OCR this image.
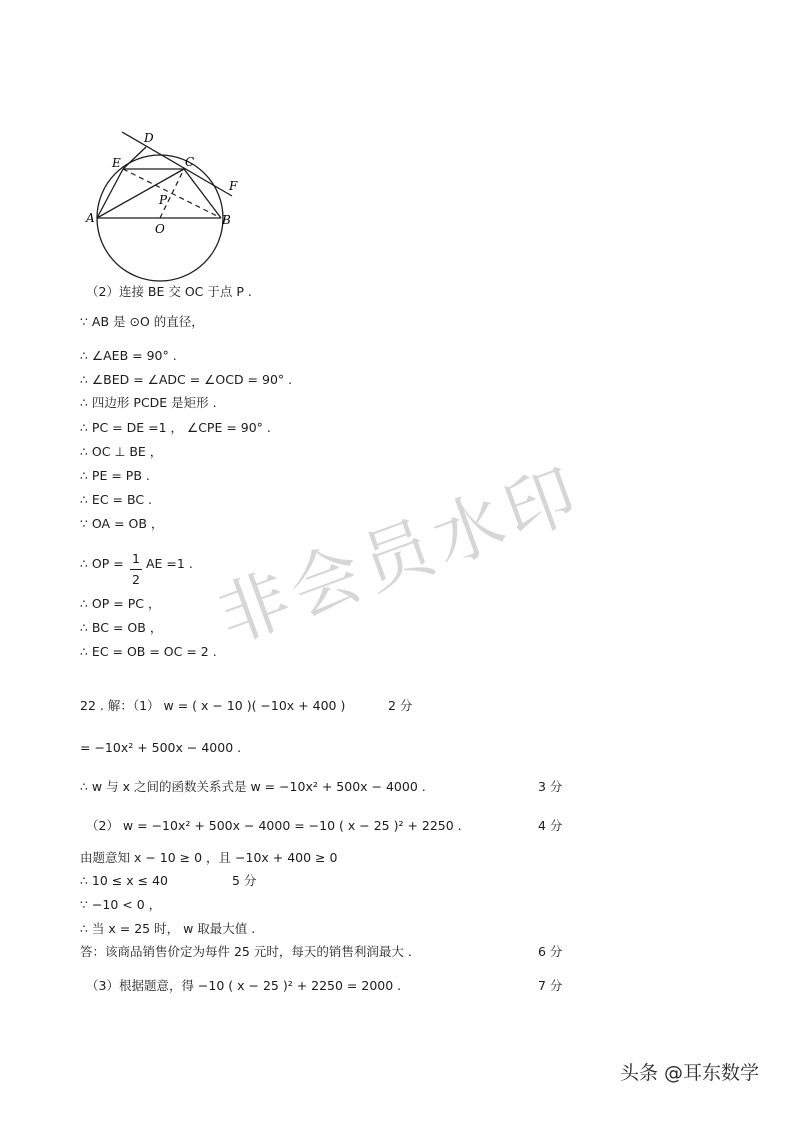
D
E	C
F
A	B
P
O
（2）连接 BE 交 OC 于点 P .
∵ AB 是 ⊙O 的直径，
∴ ∠AEB = 90° .
∴ ∠BED = ∠ADC = ∠OCD = 90° .
∴ 四边形 PCDE 是矩形 .
∴ PC = DE =1 ， ∠CPE = 90° .
∴ OC ⊥ BE ，
∴ PE = PB .
∴ EC = BC .
∵ OA = OB ，
∴ OP = AE =1 .
∴ OP = PC ，
∴ BC = OB ，
∴ EC = OB = OC = 2 .
22 . 解：（1） w = ( x − 10 )( −10x + 400 )	2 分
= −10x² + 500x − 4000 .
∴ w 与 x 之间的函数关系式是 w = −10x² + 500x − 4000 .	3 分
（2） w = −10x² + 500x − 4000 = −10 ( x − 25 )² + 2250 .	4 分
由题意知 x − 10 ≥ 0 ，且 −10x + 400 ≥ 0
∴ 10 ≤ x ≤ 40	5 分
∵ −10 < 0 ，
∴ 当 x = 25 时， w 取最大值 .
答：该商品销售价定为每件 25 元时，每天的销售利润最大 .	6 分
（3）根据题意，得 −10 ( x − 25 )² + 2250 = 2000 .	7 分
1
2 非会员水印
头条 @耳东数学
